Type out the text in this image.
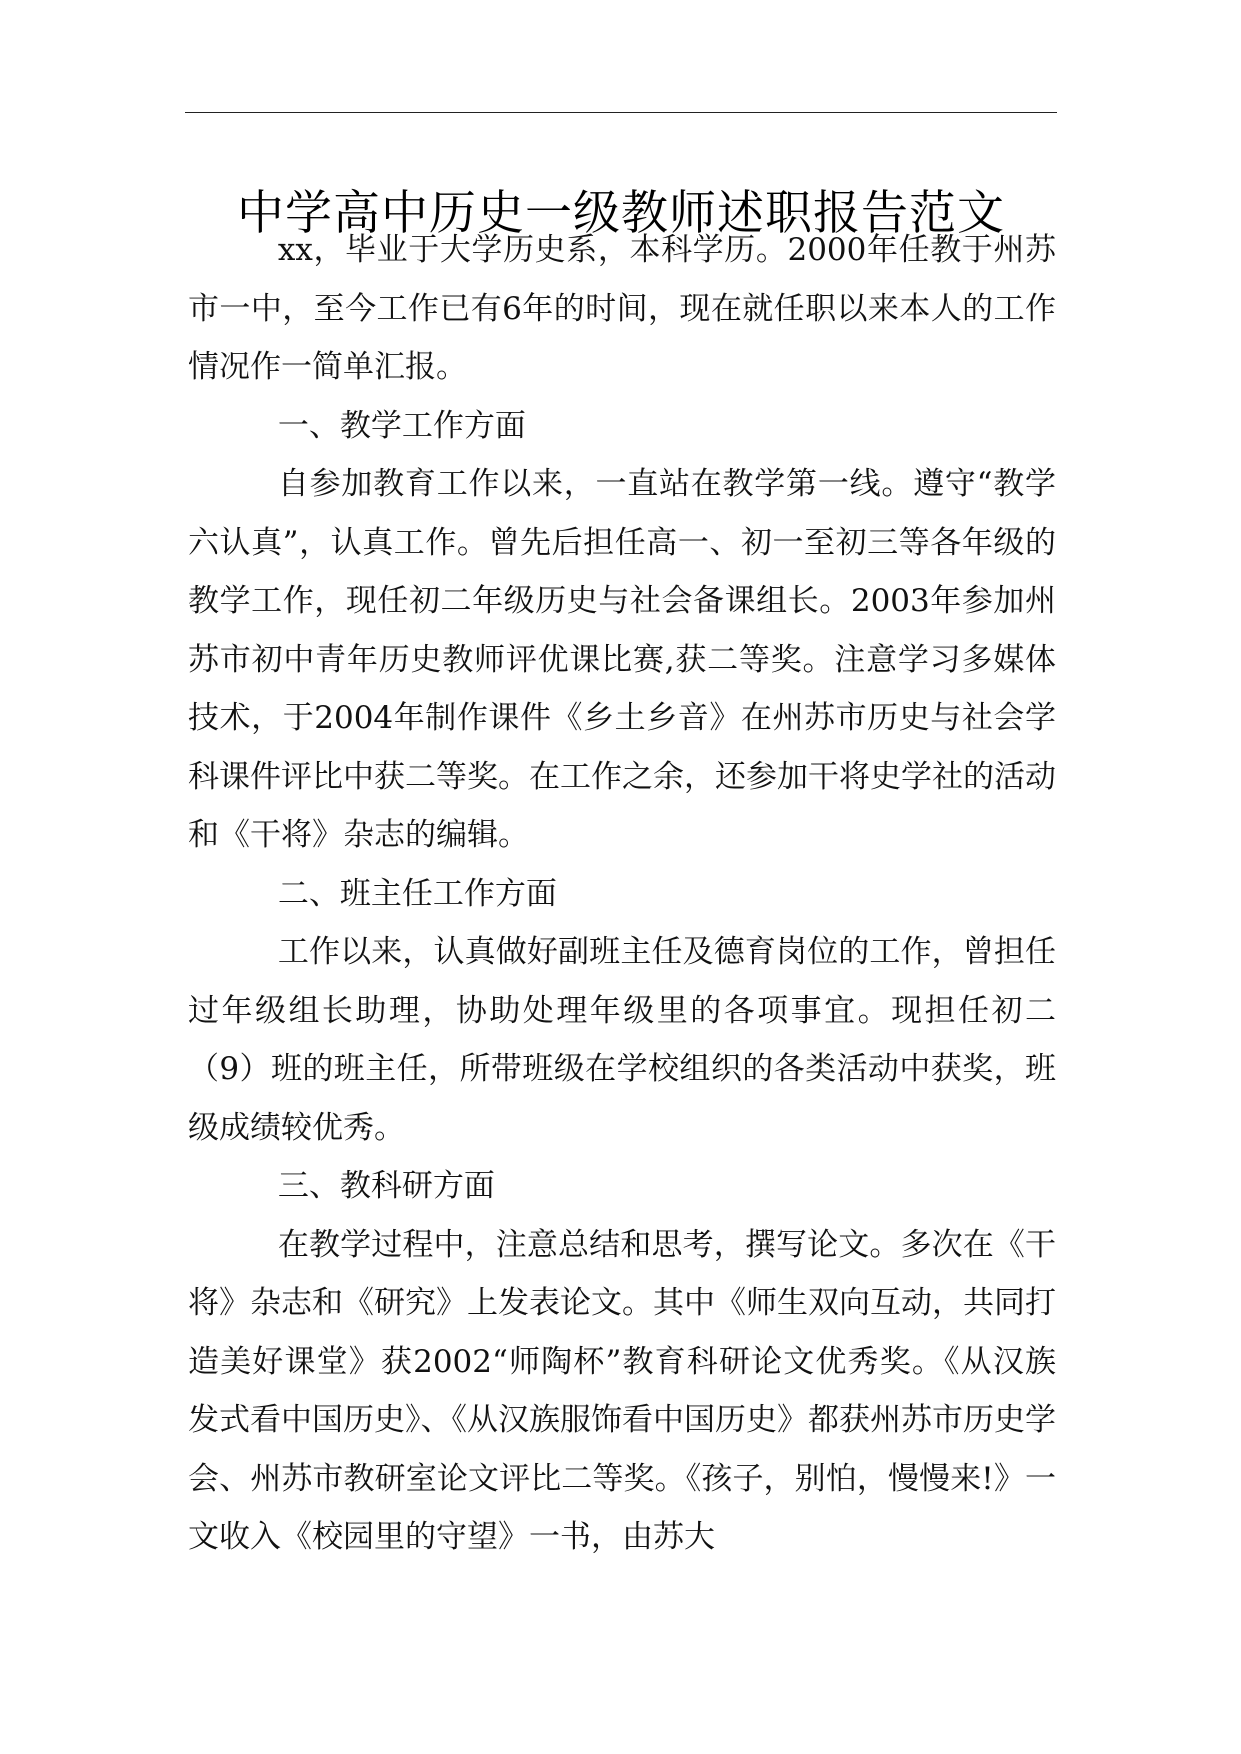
中学高中历史一级教师述职报告范文

xx，毕业于大学历史系，本科学历。2000年任教于州苏市一中，至今工作已有6年的时间，现在就任职以来本人的工作情况作一简单汇报。

一、教学工作方面

自参加教育工作以来，一直站在教学第一线。遵守“教学六认真”，认真工作。曾先后担任高一、初一至初三等各年级的教学工作，现任初二年级历史与社会备课组长。2003年参加州苏市初中青年历史教师评优课比赛,获二等奖。注意学习多媒体技术，于2004年制作课件《乡土乡音》在州苏市历史与社会学科课件评比中获二等奖。在工作之余，还参加干将史学社的活动和《干将》杂志的编辑。

二、班主任工作方面

工作以来，认真做好副班主任及德育岗位的工作，曾担任过年级组长助理，协助处理年级里的各项事宜。现担任初二（9）班的班主任，所带班级在学校组织的各类活动中获奖，班级成绩较优秀。

三、教科研方面

在教学过程中，注意总结和思考，撰写论文。多次在《干将》杂志和《研究》上发表论文。其中《师生双向互动，共同打造美好课堂》获2002“师陶杯”教育科研论文优秀奖。《从汉族发式看中国历史》、《从汉族服饰看中国历史》都获州苏市历史学会、州苏市教研室论文评比二等奖。《孩子，别怕，慢慢来!》一文收入《校园里的守望》一书，由苏大
